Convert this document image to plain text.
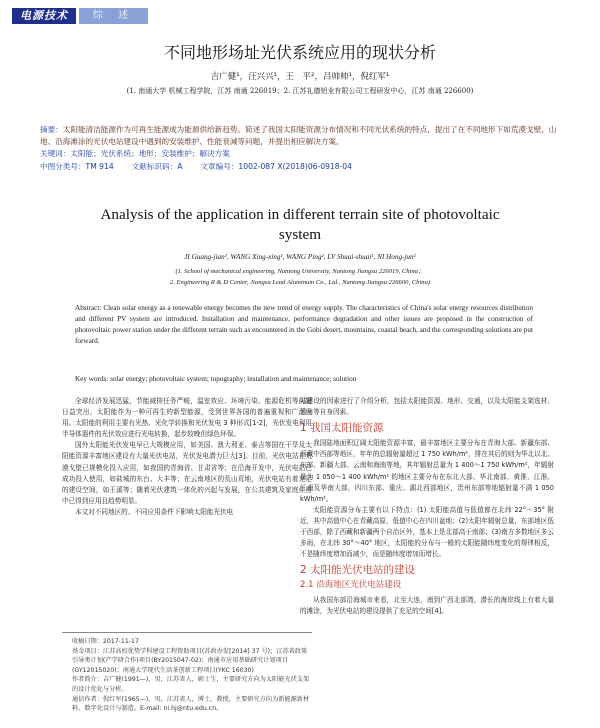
电源技术	综 述
不同地形场址光伏系统应用的现状分析
吉广健¹，汪兴兴¹，王　平²，吕帅帅¹，倪红军¹
(1. 南通大学 机械工程学院，江苏 南通 226019；2. 江苏礼德铝业有限公司工程研发中心，江苏 南通 226600)
摘要：太阳能清洁能源作为可再生能源成为能源供给新趋势。简述了我国太阳能资源分布情况和不同光伏系统的特点，提出了在不同地形下如荒漠戈壁、山地、沿海滩涂的光伏电站建设中遇到的安装维护、性能衰减等问题，并提出相应解决方案。
关键词：太阳能；光伏系统；地形；安装维护；解决方案
中图分类号：TM 914 文献标识码：A 文章编号：1002-087 X(2018)06-0918-04
Analysis of the application in different terrain site of photovoltaic
system
JI Guang-jian¹, WANG Xing-xing¹, WANG Ping², LV Shuai-shuai¹, NI Hong-jun¹
(1. School of mechanical engineering, Nantong University, Nantong Jiangsu 226019, China；
2. Engineering R & D Center, Jiangsu Lead Aluminum Co., Ltd., Nantong Jiangsu 226600, China)
Abstract: Clean solar energy as a renewable energy becomes the new trend of energy supply. The characteristics of China's solar energy resources distribution and different PV system are introduced. Installation and maintenance, performance degradation and other issues are proposed in the construction of photovoltaic power station under the different terrain such as encountered in the Gobi desert, mountains, coastal beach, and the corresponding solutions are put forward.
Key words: solar energy; photovoltaic system; topography; installation and maintenance; solution

全球经济发展迅猛，节能减排任务严峻，温室效应、环境污染、能源危机等问题日益突出，太阳能作为一种可再生的新型能源，受到世界各国的普遍重视和广泛应用。太阳能的利用主要有光热、光化学转换和光伏发电 3 种形式[1-2]，光伏发电利用半导体器件的光伏效应进行光电转换，起步较晚但绿色环保。

国外太阳能光伏发电早已大规模应用，如美国、澳大利亚、泰吉等国在干旱及太阳能资源丰富地区建设有大量光伏电站，光伏发电潜力巨大[3]。目前，光伏电站在荒漠戈壁已规模化投入应用，如我国的青海省、甘肃省等；在沿海开发中，光伏电站已成功投入使用，如盐城的东台、大丰等；在云南地区的荒山荒地，光伏电站有着充足的建设空间，如王溪等；随着光伏建筑一体化的兴起与发展，在公共建筑及家庭住房中已得到应用且趋势明显。

本文对不同地区的、不同应用条件下影响太阳能光伏电

站建设的因素进行了介绍分析，包括太阳能资源、地形、交通，以及太阳能支架选材、倾角等自身因素。

1 我国太阳能资源

我国陆地面积辽阔太阳能资源丰富，最丰富地区主要分布在青海大部、新疆东部、西藏中西部等地区，年年的总辐射量超过 1 750 kWh/m²，排在其后的则为华北以北、东部、新疆大部、云南和海南等地，其年辐射总量为 1 400～1 750 kWh/m²，年辐射量为 1 050～1 400 kWh/m² 的地区主要分布在东北大部、华北南部、黄淮、江淮、江南及华南大部，四川东部、重庆、湖北西部地区，贵州东部等地辐射量不满 1 050 kWh/m²。

太阳能资源分布主要有以下特点：(1) 太阳能高值与低值都在北纬 22°～35° 附近，其中高值中心在青藏高原，低值中心在四川盆地；(2)太阳年辐射总量，东部地区低于西部，除了西藏和新疆两个自治区外，基本上是北部高于南部；(3)南方多数地区多云多雨，在北纬 30°～40° 地区，太阳能的分布与一般的太阳能随纬度变化的规律相反，不是随纬度增加而减少，而是随纬度增加而增长。

2 太阳能光伏电站的建设
2.1 沿海地区光伏电站建设

从我国东部沿海城市来看，北至大连，南到广西北部湾，潜长的海岸线上有着大量的滩涂，为光伏电站的建设提供了充足的空间[4]。

收稿日期：2017-11-17

基金项目：江苏高校优势学科建设工程资助项目(苏政办发[2014] 37 号)；江苏省政策引导类计划(产学研合作)项目(BY2015047-02)；南通市应用基础研究计划项目(GY12015020)；南通大学现代生活茶创新工程项目(YKC 16030)

作者简介：吉广健(1991—)，男，江苏省人，硕士生，主要研究方向为太阳能光伏支架的设计优化与分析。

通信作者：倪红军(1965—)，男，江苏省人，博士，教授，主要研究方向为新能源新材料、数字化设计与制造。E-mail: ni.hj@ntu.edu.cn。
